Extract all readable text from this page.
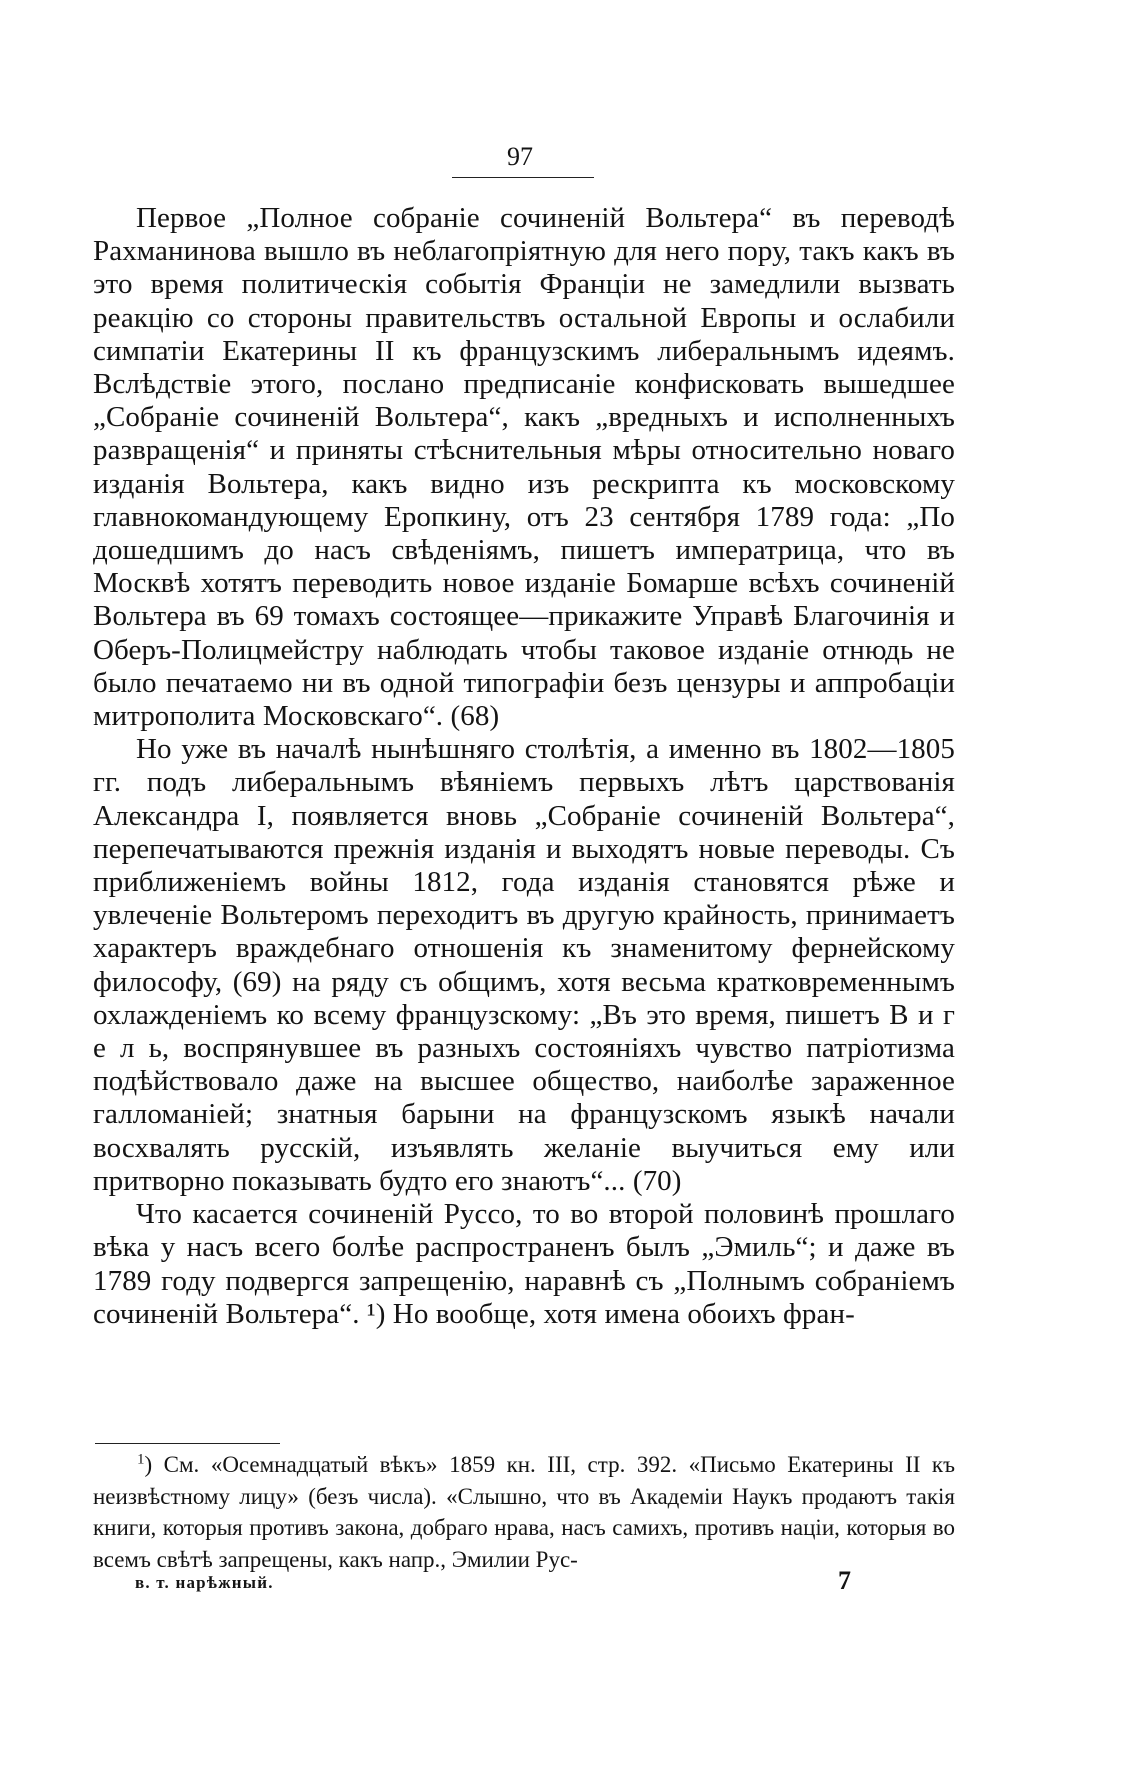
97

Первое „Полное собраніе сочиненій Вольтера“ въ переводѣ Рахманинова вышло въ неблагопріятную для него пору, такъ какъ въ это время политическія событія Франціи не замедлили вызвать реакцію со стороны правительствъ остальной Европы и ослабили симпатіи Екатерины II къ французскимъ либеральнымъ идеямъ. Вслѣдствіе этого, послано предписаніе конфисковать вышедшее „Собраніе сочиненій Вольтера“, какъ „вредныхъ и исполненныхъ развращенія“ и приняты стѣснительныя мѣры относительно новаго изданія Вольтера, какъ видно изъ рескрипта къ московскому главнокомандующему Еропкину, отъ 23 сентября 1789 года: „По дошедшимъ до насъ свѣденіямъ, пишетъ императрица, что въ Москвѣ хотятъ переводить новое изданіе Бомарше всѣхъ сочиненій Вольтера въ 69 томахъ состоящее—прикажите Управѣ Благочинія и Оберъ-Полицмейстру наблюдать чтобы таковое изданіе отнюдь не было печатаемо ни въ одной типографіи безъ цензуры и аппробаціи митрополита Московскаго“. (68)

Но уже въ началѣ нынѣшняго столѣтія, а именно въ 1802—1805 гг. подъ либеральнымъ вѣяніемъ первыхъ лѣтъ царствованія Александра I, появляется вновь „Собраніе сочиненій Вольтера“, перепечатываются прежнія изданія и выходятъ новые переводы. Съ приближеніемъ войны 1812, года изданія становятся рѣже и увлеченіе Вольтеромъ переходитъ въ другую крайность, принимаетъ характеръ враждебнаго отношенія къ знаменитому фернейскому философу, (69) на ряду съ общимъ, хотя весьма кратковременнымъ охлажденіемъ ко всему французскому: „Въ это время, пишетъ В и г е л ь, воспрянувшее въ разныхъ состояніяхъ чувство патріотизма подѣйствовало даже на высшее общество, наиболѣе зараженное галломаніей; знатныя барыни на французскомъ языкѣ начали восхвалять русскій, изъявлять желаніе выучиться ему или притворно показывать будто его знаютъ“... (70)

Что касается сочиненій Руссо, то во второй половинѣ прошлаго вѣка у насъ всего болѣе распространенъ былъ „Эмиль“; и даже въ 1789 году подвергся запрещенію, наравнѣ съ „Полнымъ собраніемъ сочиненій Вольтера“. ¹) Но вообще, хотя имена обоихъ фран-

$^1$) См. «Осемнадцатый вѣкъ» 1859 кн. III, стр. 392. «Письмо Екатерины II къ неизвѣстному лицу» (безъ числа). «Слышно, что въ Академіи Наукъ продаютъ такія книги, которыя противъ закона, добраго нрава, насъ самихъ, противъ націи, которыя во всемъ свѣтѣ запрещены, какъ напр., Эмилии Рус-

в. т. нарѣжный.	7
